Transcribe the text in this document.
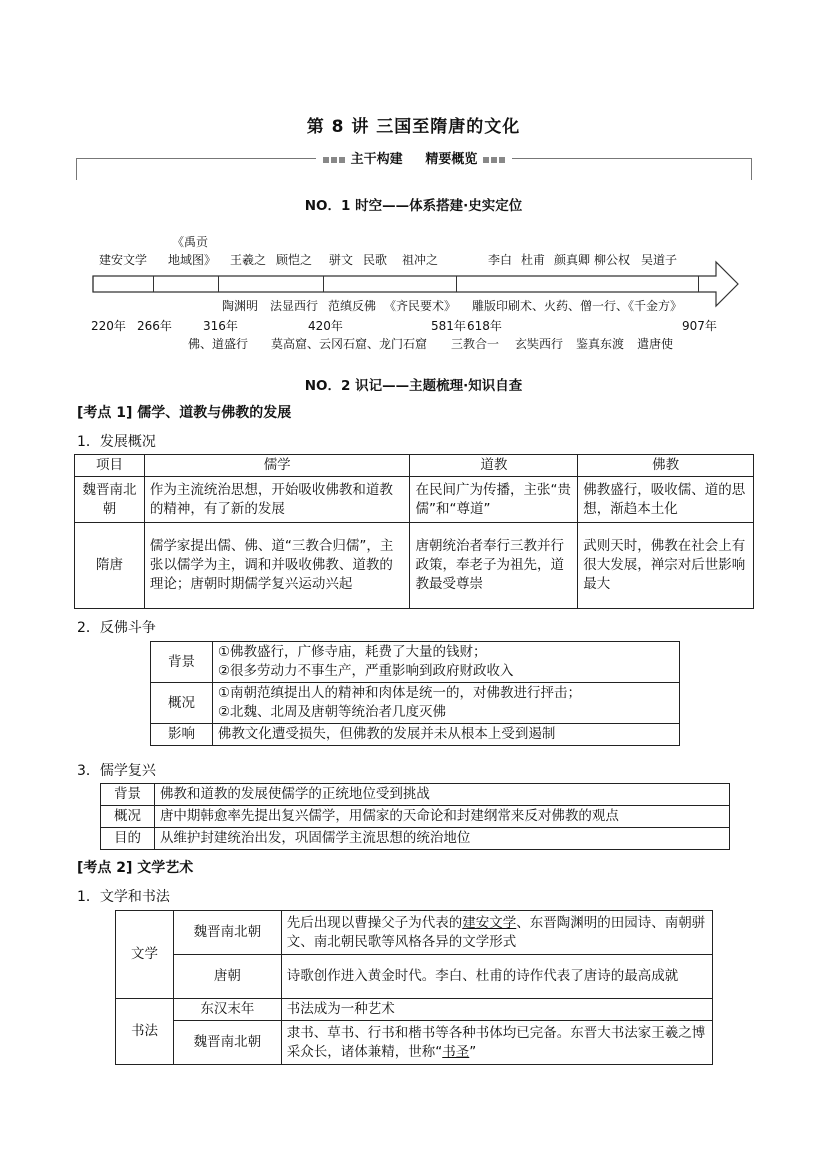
第 8 讲 三国至隋唐的文化
主干构建 精要概览
NO．1 时空——体系搭建·史实定位
建安文学
《禹贡
地域图》 王羲之 顾恺之 骈文 民歌 祖冲之	李白 杜甫 颜真卿 柳公权 吴道子
陶渊明 法显西行 范缜反佛 《齐民要术》 雕版印刷术、火药、僧一行、《千金方》
220年 266年	316年	420年	581年 618年	907年
佛、道盛行 莫高窟、云冈石窟、龙门石窟 三教合一 玄奘西行 鉴真东渡 遣唐使
NO．2 识记——主题梳理·知识自查
[考点 1] 儒学、道教与佛教的发展
1．发展概况
项目	儒学	道教	佛教
魏晋南北朝	作为主流统治思想，开始吸收佛教和道教的精神，有了新的发展	在民间广为传播，主张“贵儒”和“尊道”	佛教盛行，吸收儒、道的思想，渐趋本土化
隋唐	儒学家提出儒、佛、道“三教合归儒”，主张以儒学为主，调和并吸收佛教、道教的理论；唐朝时期儒学复兴运动兴起	唐朝统治者奉行三教并行政策，奉老子为祖先，道教最受尊崇	武则天时，佛教在社会上有很大发展，禅宗对后世影响最大
2．反佛斗争
背景	①佛教盛行，广修寺庙，耗费了大量的钱财；
②很多劳动力不事生产，严重影响到政府财政收入

概况	①南朝范缜提出人的精神和肉体是统一的，对佛教进行抨击；
②北魏、北周及唐朝等统治者几度灭佛

影响	佛教文化遭受损失，但佛教的发展并未从根本上受到遏制
3．儒学复兴
背景	佛教和道教的发展使儒学的正统地位受到挑战
概况	唐中期韩愈率先提出复兴儒学，用儒家的天命论和封建纲常来反对佛教的观点
目的	从维护封建统治出发，巩固儒学主流思想的统治地位
[考点 2] 文学艺术
1．文学和书法
文学	魏晋南北朝	先后出现以曹操父子为代表的建安文学、东晋陶渊明的田园诗、南朝骈文、南北朝民歌等风格各异的文学形式
	唐朝	诗歌创作进入黄金时代。李白、杜甫的诗作代表了唐诗的最高成就
书法	东汉末年	书法成为一种艺术
	魏晋南北朝	隶书、草书、行书和楷书等各种书体均已完备。东晋大书法家王羲之博采众长，诸体兼精，世称“书圣”
